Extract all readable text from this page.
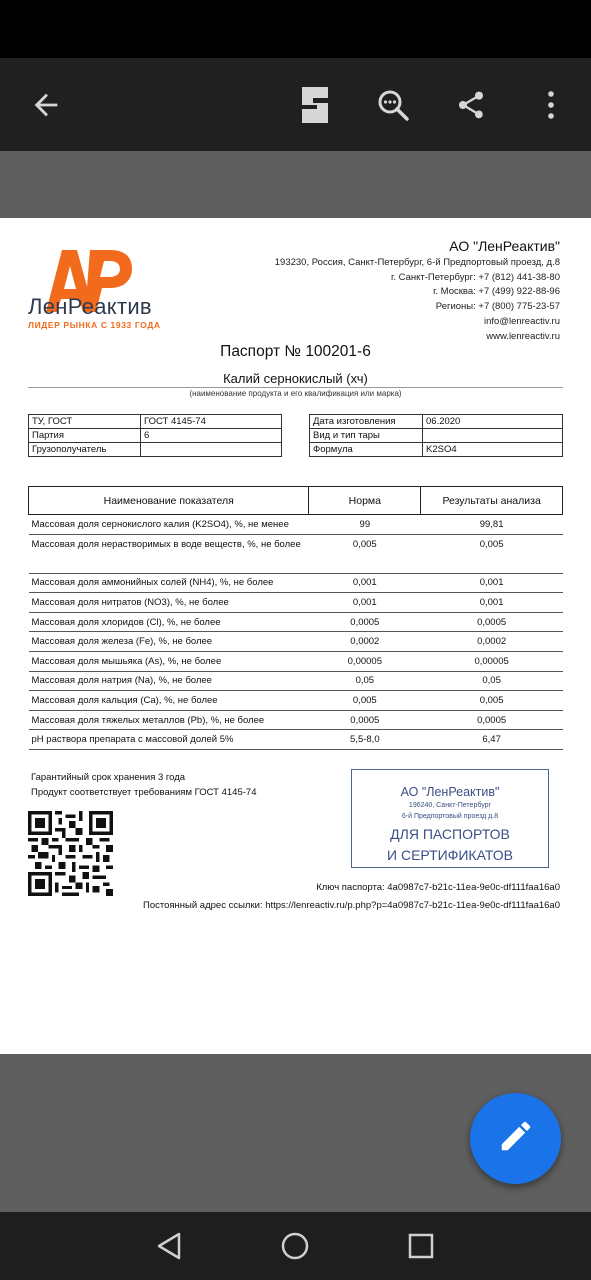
ЛенРеактив
ЛИДЕР РЫНКА С 1933 ГОДА
АО "ЛенРеактив"
193230, Россия, Санкт-Петербург, 6-й Предпортовый проезд, д.8
г. Санкт-Петербург: +7 (812) 441-38-80
г. Москва: +7 (499) 922-88-96
Регионы: +7 (800) 775-23-57
info@lenreactiv.ru
www.lenreactiv.ru
Паспорт № 100201-6
Калий сернокислый (хч)
(наименование продукта и его квалификация или марка)
ТУ, ГОСТ	ГОСТ 4145-74
Партия	6
Грузополучатель	
Дата изготовления	06.2020
Вид и тип тары	
Формула	K2SO4
Наименование показателя	Норма	Результаты анализа
Массовая доля сернокислого калия (K2SO4), %, не менее	99	99,81
Массовая доля нерастворимых в воде веществ, %, не более	0,005	0,005
Массовая доля аммонийных солей (NH4), %, не более	0,001	0,001
Массовая доля нитратов (NO3), %, не более	0,001	0,001
Массовая доля хлоридов (Cl), %, не более	0,0005	0,0005
Массовая доля железа (Fe), %, не более	0,0002	0,0002
Массовая доля мышьяка (As), %, не более	0,00005	0,00005
Массовая доля натрия (Na), %, не более	0,05	0,05
Массовая доля кальция (Ca), %, не более	0,005	0,005
Массовая доля тяжелых металлов (Pb), %, не более	0,0005	0,0005
pH раствора препарата с массовой долей 5%	5,5-8,0	6,47
Гарантийный срок хранения 3 года
Продукт соответствует требованиям ГОСТ 4145-74	АО "ЛенРеактив"
196240, Санкт-Петербург
6-й Предпортовый проезд д.8
ДЛЯ ПАСПОРТОВ
И СЕРТИФИКАТОВ
Ключ паспорта: 4a0987c7-b21c-11ea-9e0c-df111faa16a0
Постоянный адрес ссылки: https://lenreactiv.ru/p.php?p=4a0987c7-b21c-11ea-9e0c-df111faa16a0
